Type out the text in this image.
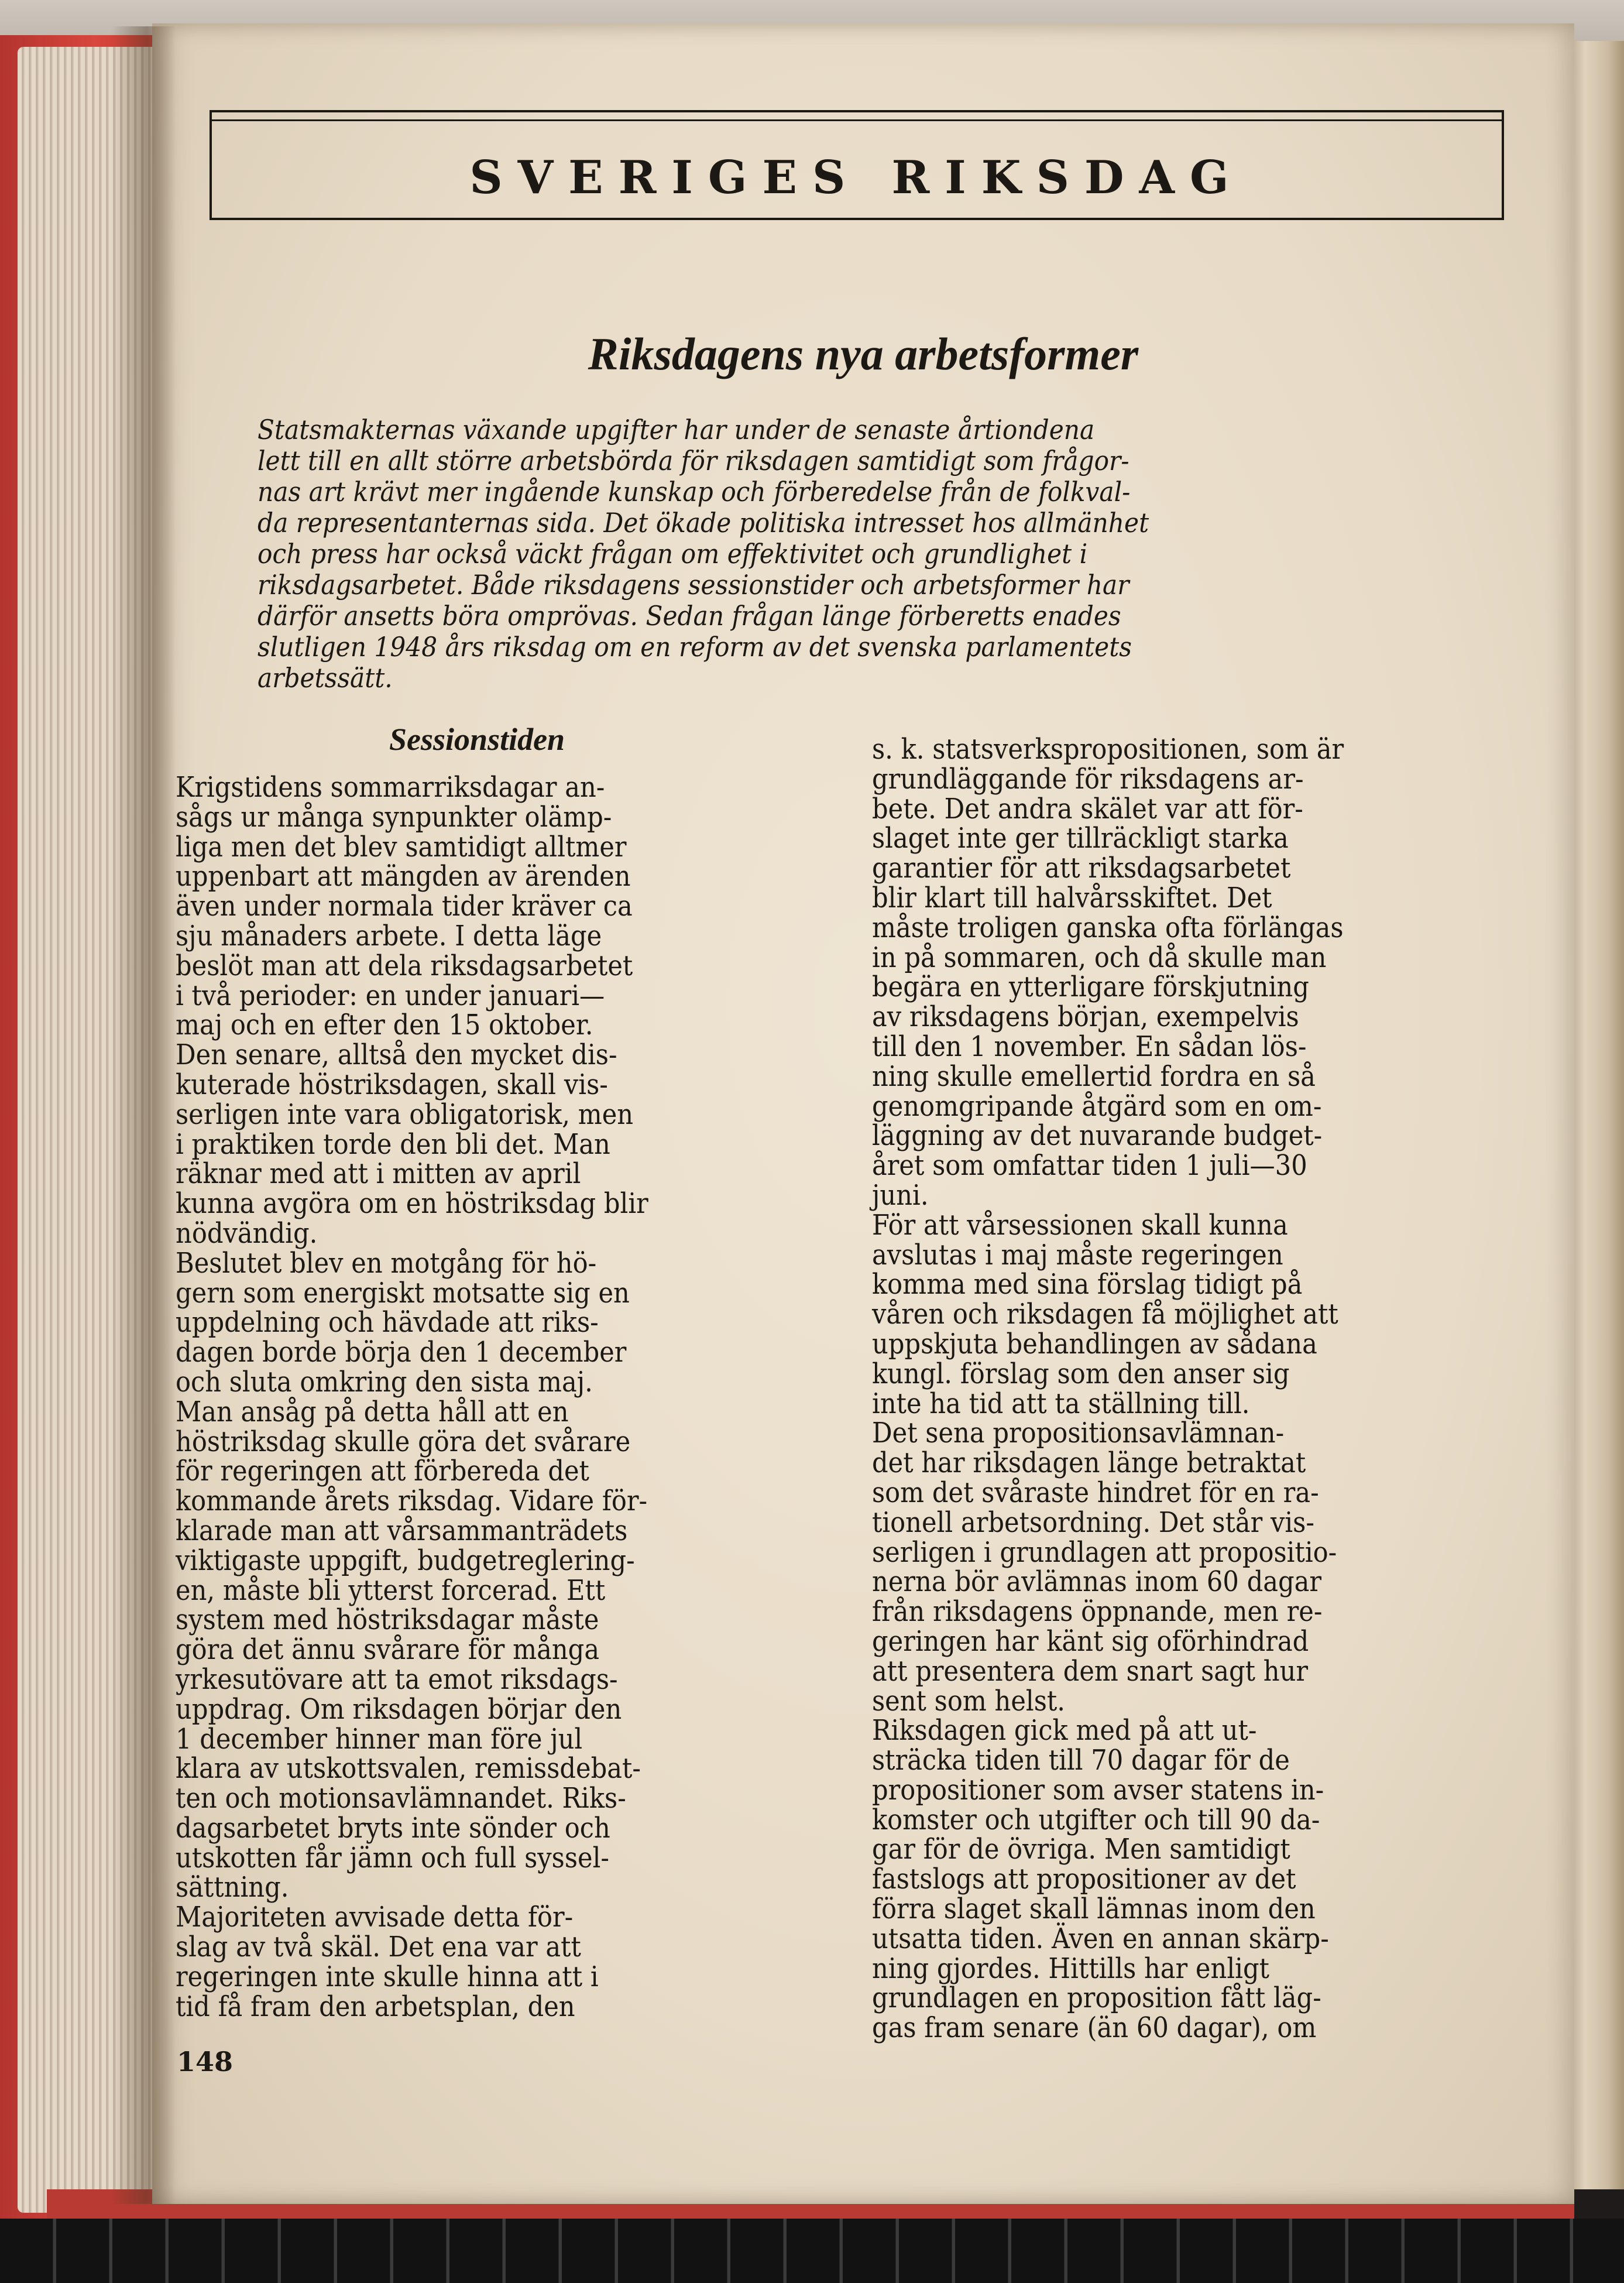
SVERIGES RIKSDAG
Riksdagens nya arbetsformer
Statsmakternas växande upgifter har under de senaste årtiondena
lett till en allt större arbetsbörda för riksdagen samtidigt som frågor-
nas art krävt mer ingående kunskap och förberedelse från de folkval-
da representanternas sida. Det ökade politiska intresset hos allmänhet
och press har också väckt frågan om effektivitet och grundlighet i
riksdagsarbetet. Både riksdagens sessionstider och arbetsformer har
därför ansetts böra omprövas. Sedan frågan länge förberetts enades
slutligen 1948 års riksdag om en reform av det svenska parlamentets
arbetssätt.
Sessionstiden
Krigstidens sommarriksdagar an-
sågs ur många synpunkter olämp-
liga men det blev samtidigt alltmer
uppenbart att mängden av ärenden
även under normala tider kräver ca
sju månaders arbete. I detta läge
beslöt man att dela riksdagsarbetet
i två perioder: en under januari—
maj och en efter den 15 oktober.
Den senare, alltså den mycket dis-
kuterade höstriksdagen, skall vis-
serligen inte vara obligatorisk, men
i praktiken torde den bli det. Man
räknar med att i mitten av april
kunna avgöra om en höstriksdag blir
nödvändig.
Beslutet blev en motgång för hö-
gern som energiskt motsatte sig en
uppdelning och hävdade att riks-
dagen borde börja den 1 december
och sluta omkring den sista maj.
Man ansåg på detta håll att en
höstriksdag skulle göra det svårare
för regeringen att förbereda det
kommande årets riksdag. Vidare för-
klarade man att vårsammanträdets
viktigaste uppgift, budgetreglering-
en, måste bli ytterst forcerad. Ett
system med höstriksdagar måste
göra det ännu svårare för många
yrkesutövare att ta emot riksdags-
uppdrag. Om riksdagen börjar den
1 december hinner man före jul
klara av utskottsvalen, remissdebat-
ten och motionsavlämnandet. Riks-
dagsarbetet bryts inte sönder och
utskotten får jämn och full syssel-
sättning.
Majoriteten avvisade detta för-
slag av två skäl. Det ena var att
regeringen inte skulle hinna att i
tid få fram den arbetsplan, den
s. k. statsverkspropositionen, som är
grundläggande för riksdagens ar-
bete. Det andra skälet var att för-
slaget inte ger tillräckligt starka
garantier för att riksdagsarbetet
blir klart till halvårsskiftet. Det
måste troligen ganska ofta förlängas
in på sommaren, och då skulle man
begära en ytterligare förskjutning
av riksdagens början, exempelvis
till den 1 november. En sådan lös-
ning skulle emellertid fordra en så
genomgripande åtgärd som en om-
läggning av det nuvarande budget-
året som omfattar tiden 1 juli—30
juni.
För att vårsessionen skall kunna
avslutas i maj måste regeringen
komma med sina förslag tidigt på
våren och riksdagen få möjlighet att
uppskjuta behandlingen av sådana
kungl. förslag som den anser sig
inte ha tid att ta ställning till.
Det sena propositionsavlämnan-
det har riksdagen länge betraktat
som det svåraste hindret för en ra-
tionell arbetsordning. Det står vis-
serligen i grundlagen att propositio-
nerna bör avlämnas inom 60 dagar
från riksdagens öppnande, men re-
geringen har känt sig oförhindrad
att presentera dem snart sagt hur
sent som helst.
Riksdagen gick med på att ut-
sträcka tiden till 70 dagar för de
propositioner som avser statens in-
komster och utgifter och till 90 da-
gar för de övriga. Men samtidigt
fastslogs att propositioner av det
förra slaget skall lämnas inom den
utsatta tiden. Även en annan skärp-
ning gjordes. Hittills har enligt
grundlagen en proposition fått läg-
gas fram senare (än 60 dagar), om
148
